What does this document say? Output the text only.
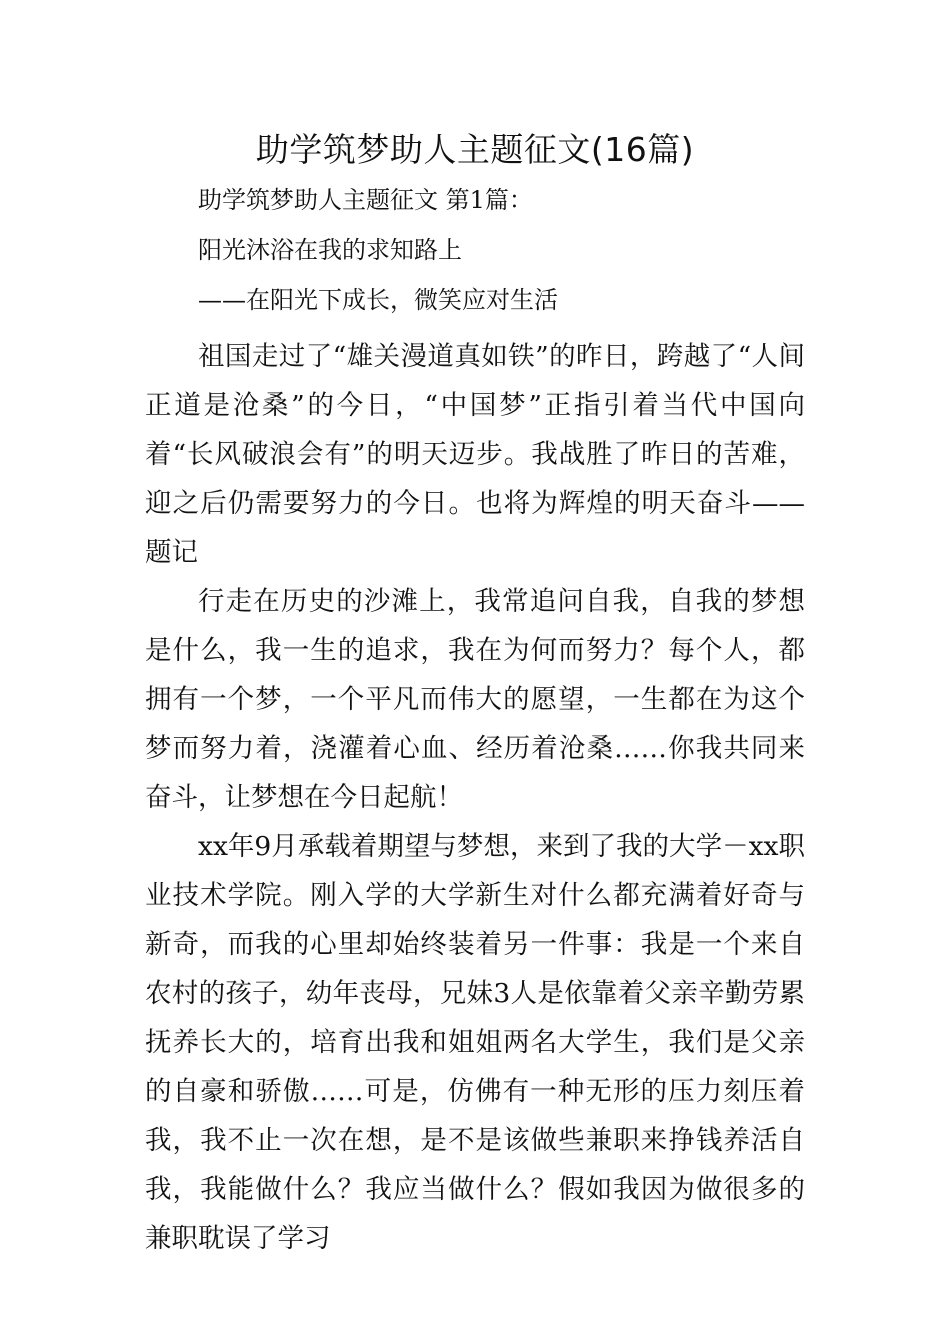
助学筑梦助人主题征文(16篇)

助学筑梦助人主题征文 第1篇：

阳光沐浴在我的求知路上

——在阳光下成长，微笑应对生活

祖国走过了“雄关漫道真如铁”的昨日，跨越了“人间正道是沧桑”的今日，“中国梦”正指引着当代中国向着“长风破浪会有”的明天迈步。我战胜了昨日的苦难，迎之后仍需要努力的今日。也将为辉煌的明天奋斗——题记

行走在历史的沙滩上，我常追问自我，自我的梦想是什么，我一生的追求，我在为何而努力？每个人，都拥有一个梦，一个平凡而伟大的愿望，一生都在为这个梦而努力着，浇灌着心血、经历着沧桑……你我共同来奋斗，让梦想在今日起航！

xx年9月承载着期望与梦想，来到了我的大学－xx职业技术学院。刚入学的大学新生对什么都充满着好奇与新奇，而我的心里却始终装着另一件事：我是一个来自农村的孩子，幼年丧母，兄妹3人是依靠着父亲辛勤劳累抚养长大的，培育出我和姐姐两名大学生，我们是父亲的自豪和骄傲……可是，仿佛有一种无形的压力刻压着我，我不止一次在想，是不是该做些兼职来挣钱养活自我，我能做什么？我应当做什么？假如我因为做很多的兼职耽误了学习
